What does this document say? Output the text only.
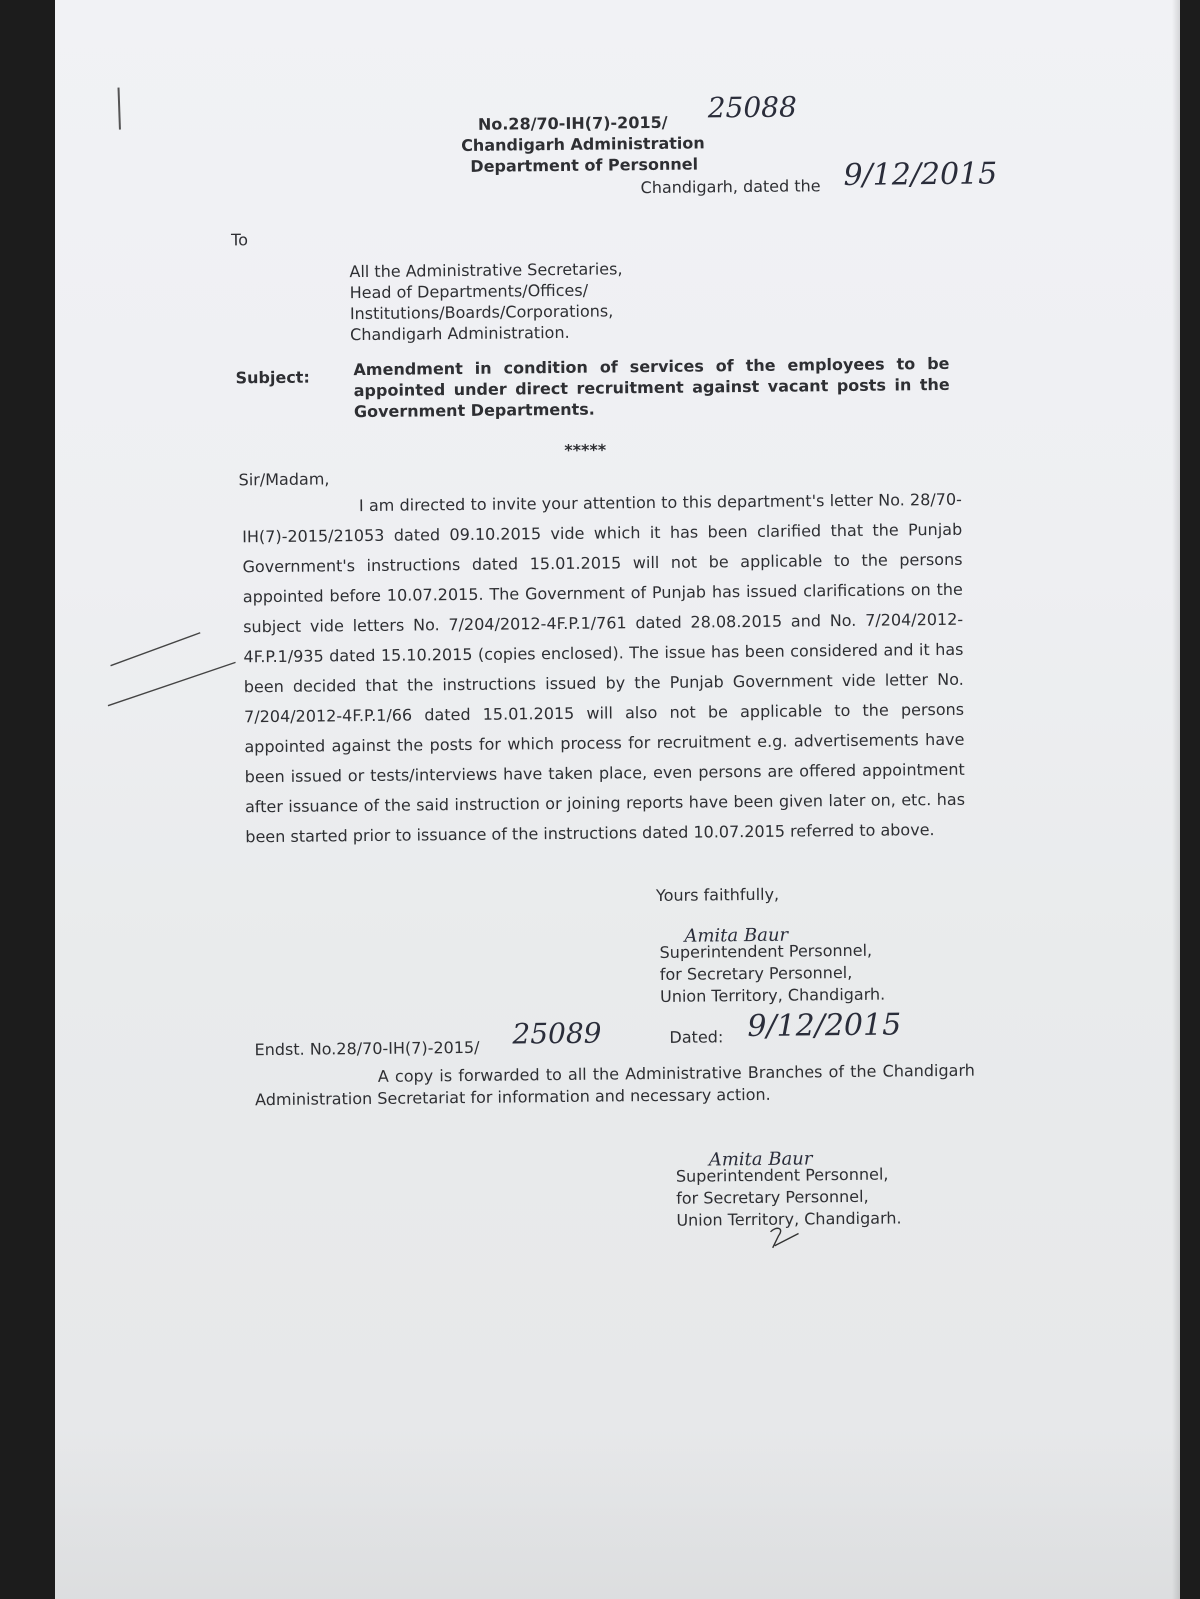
No.28/70-IH(7)-2015/ 25088
Chandigarh Administration
Department of Personnel
Chandigarh, dated the 9/12/2015
To
All the Administrative Secretaries,
Head of Departments/Offices/
Institutions/Boards/Corporations,
Chandigarh Administration.
Subject:	Amendment in condition of services of the employees to be appointed under direct recruitment against vacant posts in the Government Departments.
*****
Sir/Madam,
I am directed to invite your attention to this department's letter No. 28/70-IH(7)-2015/21053 dated 09.10.2015 vide which it has been clarified that the Punjab Government's instructions dated 15.01.2015 will not be applicable to the persons appointed before 10.07.2015. The Government of Punjab has issued clarifications on the subject vide letters No. 7/204/2012-4F.P.1/761 dated 28.08.2015 and No. 7/204/2012-4F.P.1/935 dated 15.10.2015 (copies enclosed). The issue has been considered and it has been decided that the instructions issued by the Punjab Government vide letter No. 7/204/2012-4F.P.1/66 dated 15.01.2015 will also not be applicable to the persons appointed against the posts for which process for recruitment e.g. advertisements have been issued or tests/interviews have taken place, even persons are offered appointment after issuance of the said instruction or joining reports have been given later on, etc. has been started prior to issuance of the instructions dated 10.07.2015 referred to above.
Yours faithfully,
Amita Baur
Superintendent Personnel,
for Secretary Personnel,
Union Territory, Chandigarh.
Endst. No.28/70-IH(7)-2015/ 25089	Dated: 9/12/2015
A copy is forwarded to all the Administrative Branches of the Chandigarh Administration Secretariat for information and necessary action.
Amita Baur
Superintendent Personnel,
for Secretary Personnel,
Union Territory, Chandigarh.
